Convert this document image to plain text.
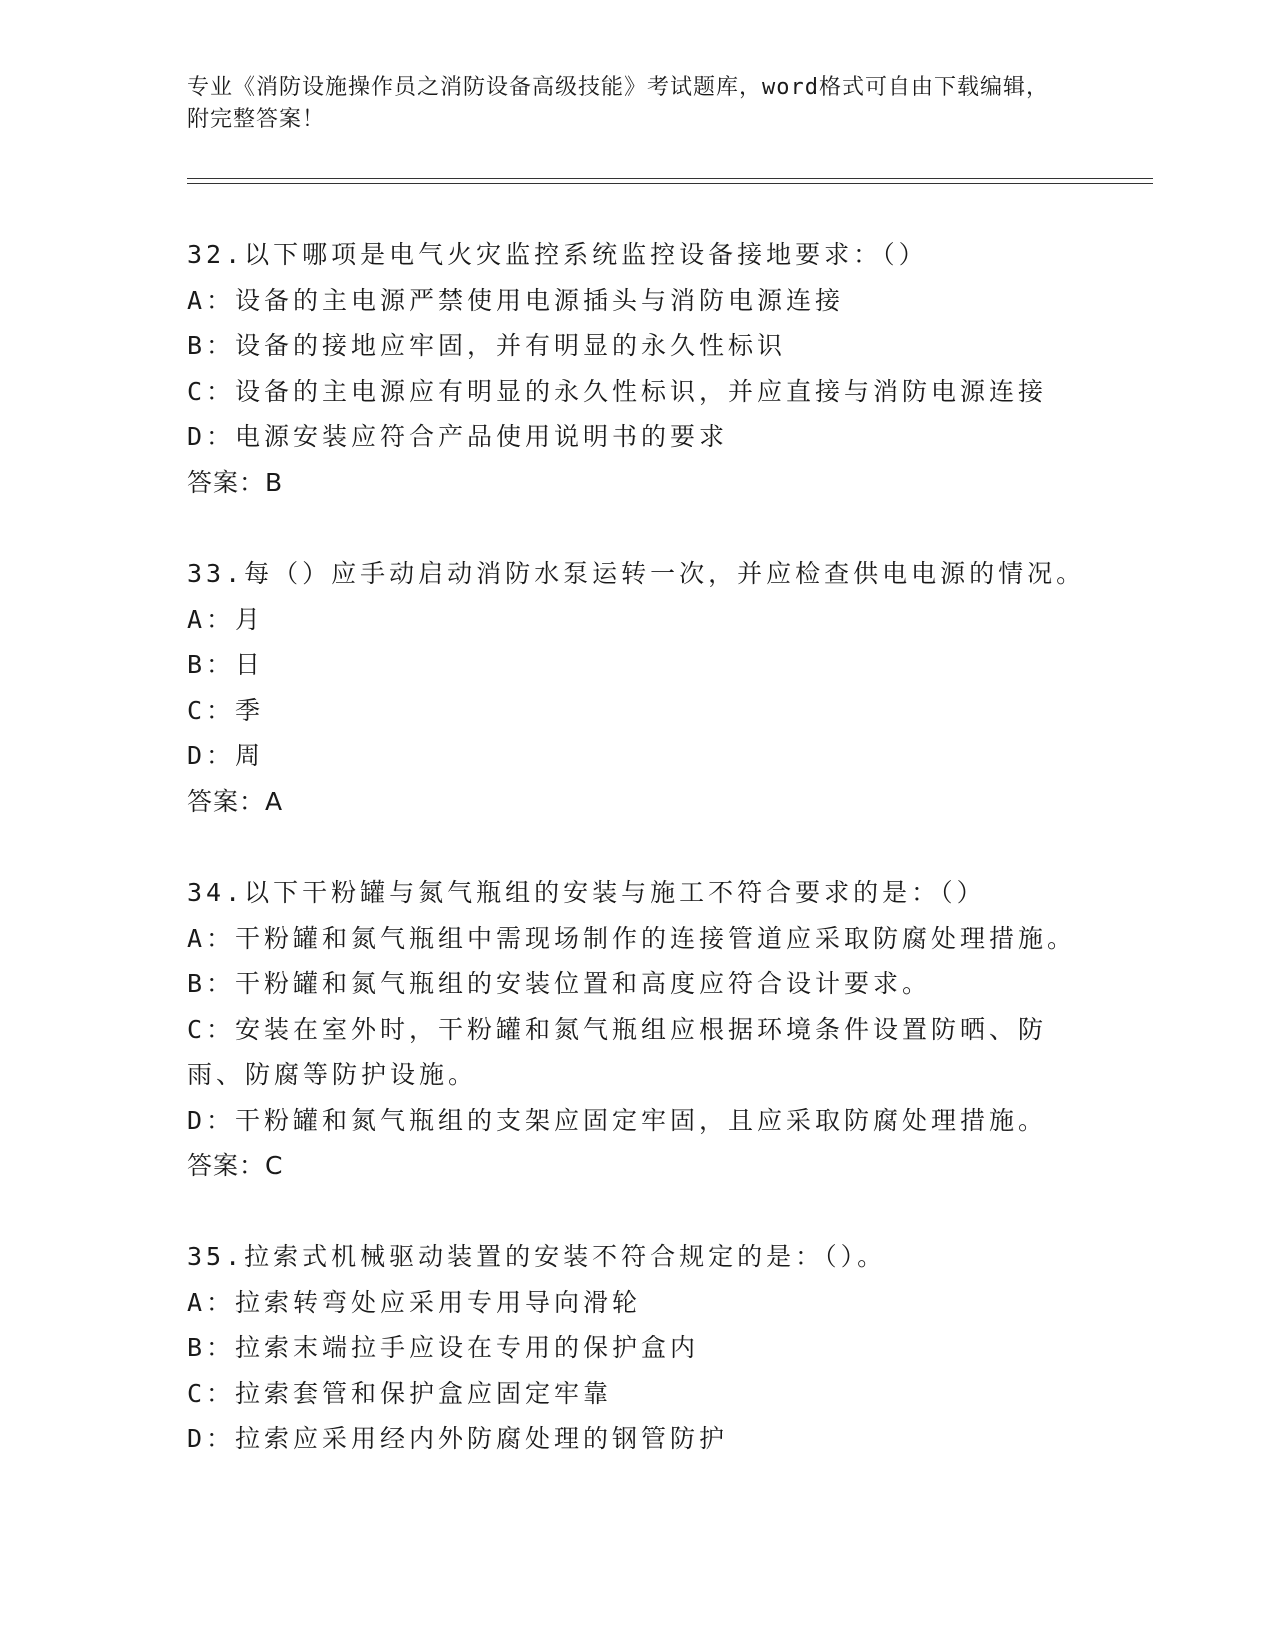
专业《消防设施操作员之消防设备高级技能》考试题库，word格式可自由下载编辑，附完整答案！
32.以下哪项是电气火灾监控系统监控设备接地要求：（）
A：设备的主电源严禁使用电源插头与消防电源连接
B：设备的接地应牢固，并有明显的永久性标识
C：设备的主电源应有明显的永久性标识，并应直接与消防电源连接
D：电源安装应符合产品使用说明书的要求
答案：B
33.每（）应手动启动消防水泵运转一次，并应检查供电电源的情况。
A：月
B：日
C：季
D：周
答案：A
34.以下干粉罐与氮气瓶组的安装与施工不符合要求的是：（）
A：干粉罐和氮气瓶组中需现场制作的连接管道应采取防腐处理措施。
B：干粉罐和氮气瓶组的安装位置和高度应符合设计要求。
C：安装在室外时，干粉罐和氮气瓶组应根据环境条件设置防晒、防雨、防腐等防护设施。
D：干粉罐和氮气瓶组的支架应固定牢固，且应采取防腐处理措施。
答案：C
35.拉索式机械驱动装置的安装不符合规定的是：（）。
A：拉索转弯处应采用专用导向滑轮
B：拉索末端拉手应设在专用的保护盒内
C：拉索套管和保护盒应固定牢靠
D：拉索应采用经内外防腐处理的钢管防护
